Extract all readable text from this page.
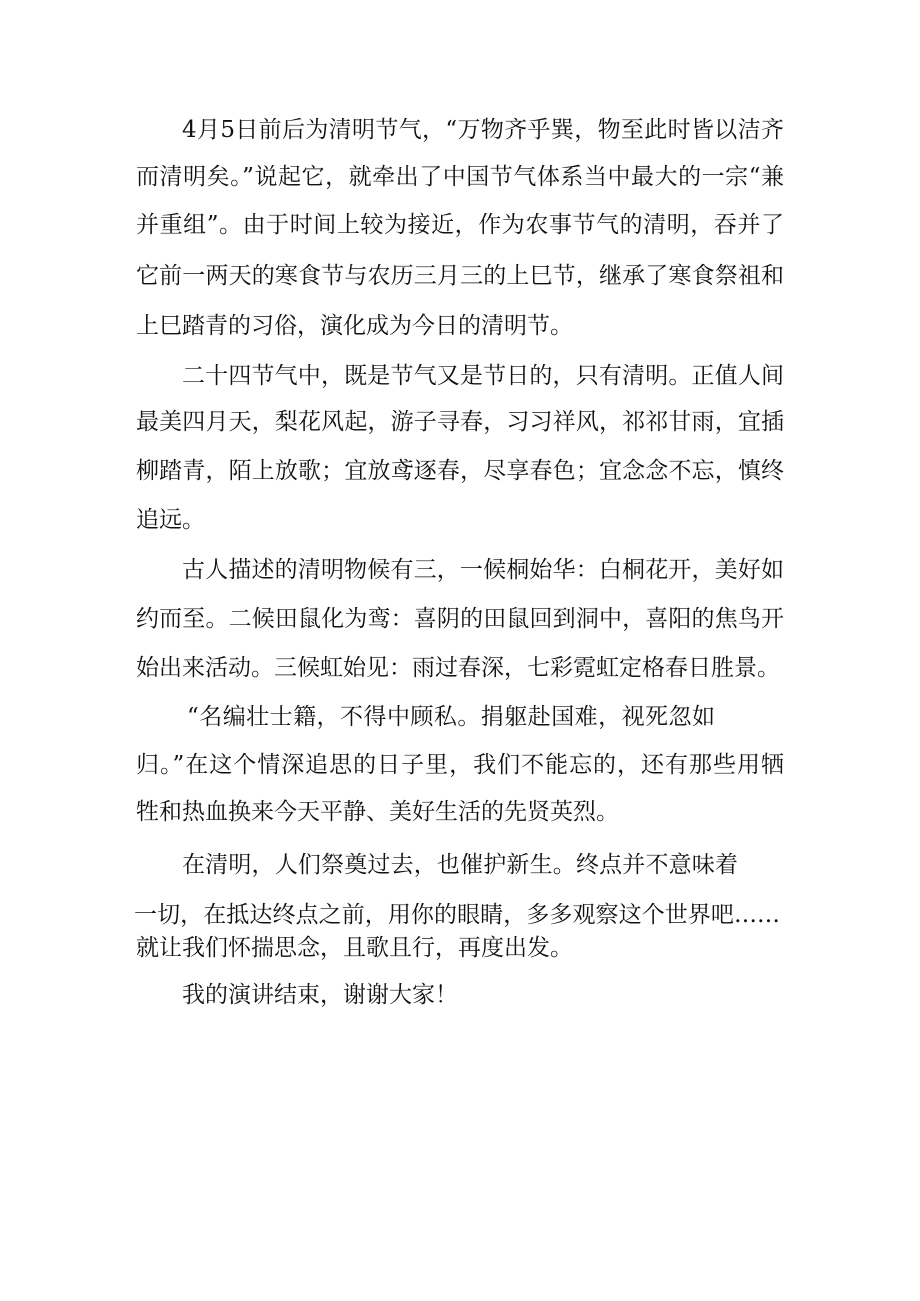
4月5日前后为清明节气，“万物齐乎巽，物至此时皆以洁齐

而清明矣。”说起它，就牵出了中国节气体系当中最大的一宗“兼

并重组”。由于时间上较为接近，作为农事节气的清明，吞并了

它前一两天的寒食节与农历三月三的上巳节，继承了寒食祭祖和

上巳踏青的习俗，演化成为今日的清明节。

二十四节气中，既是节气又是节日的，只有清明。正值人间

最美四月天，梨花风起，游子寻春，习习祥风，祁祁甘雨，宜插

柳踏青，陌上放歌；宜放鸢逐春，尽享春色；宜念念不忘，慎终

追远。

古人描述的清明物候有三，一候桐始华：白桐花开，美好如

约而至。二候田鼠化为鸾：喜阴的田鼠回到洞中，喜阳的焦鸟开

始出来活动。三候虹始见：雨过春深，七彩霓虹定格春日胜景。

“名编壮士籍，不得中顾私。捐躯赴国难，视死忽如

归。”在这个情深追思的日子里，我们不能忘的，还有那些用牺

牲和热血换来今天平静、美好生活的先贤英烈。

在清明，人们祭奠过去，也催护新生。终点并不意味着

一切，在抵达终点之前，用你的眼睛，多多观察这个世界吧……

就让我们怀揣思念，且歌且行，再度出发。

我的演讲结束，谢谢大家！
